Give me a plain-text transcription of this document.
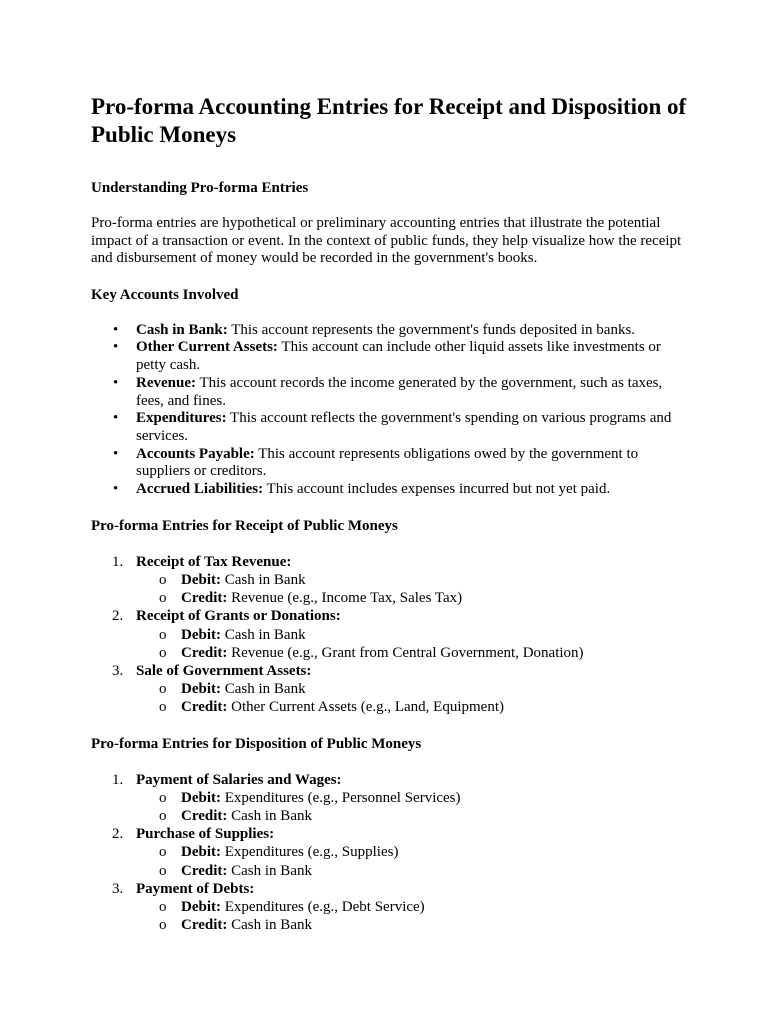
Pro-forma Accounting Entries for Receipt and Disposition of Public Moneys
Understanding Pro-forma Entries

Pro-forma entries are hypothetical or preliminary accounting entries that illustrate the potential impact of a transaction or event. In the context of public funds, they help visualize how the receipt and disbursement of money would be recorded in the government's books.

Key Accounts Involved
• Cash in Bank: This account represents the government's funds deposited in banks.
• Other Current Assets: This account can include other liquid assets like investments or petty cash.
• Revenue: This account records the income generated by the government, such as taxes, fees, and fines.
• Expenditures: This account reflects the government's spending on various programs and services.
• Accounts Payable: This account represents obligations owed by the government to suppliers or creditors.
• Accrued Liabilities: This account includes expenses incurred but not yet paid.
Pro-forma Entries for Receipt of Public Moneys
1. Receipt of Tax Revenue:
o Debit: Cash in Bank
o Credit: Revenue (e.g., Income Tax, Sales Tax)
2. Receipt of Grants or Donations:
o Debit: Cash in Bank
o Credit: Revenue (e.g., Grant from Central Government, Donation)
3. Sale of Government Assets:
o Debit: Cash in Bank
o Credit: Other Current Assets (e.g., Land, Equipment)
Pro-forma Entries for Disposition of Public Moneys
1. Payment of Salaries and Wages:
o Debit: Expenditures (e.g., Personnel Services)
o Credit: Cash in Bank
2. Purchase of Supplies:
o Debit: Expenditures (e.g., Supplies)
o Credit: Cash in Bank
3. Payment of Debts:
o Debit: Expenditures (e.g., Debt Service)
o Credit: Cash in Bank
